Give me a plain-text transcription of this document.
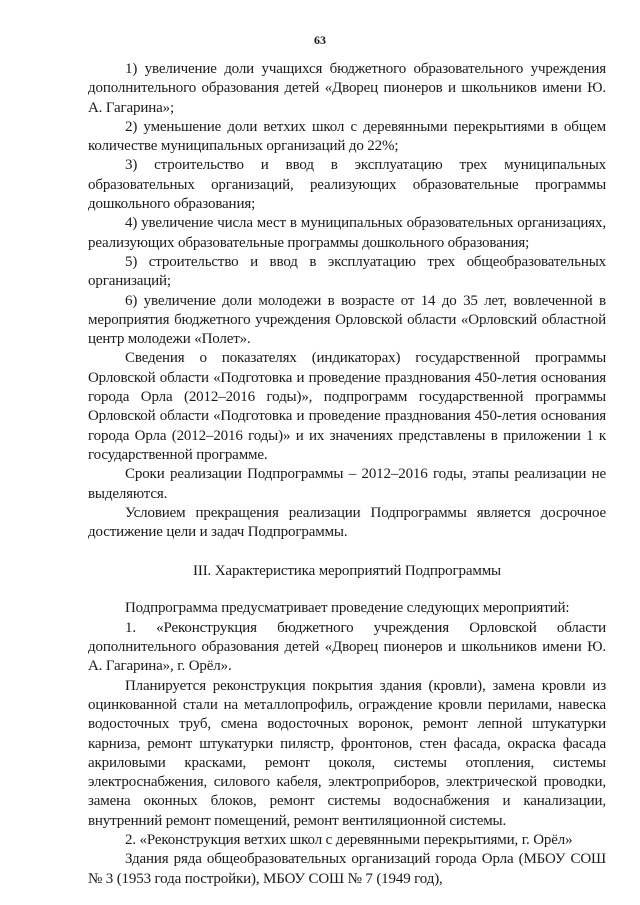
63

1) увеличение доли учащихся бюджетного образовательного учреждения дополнительного образования детей «Дворец пионеров и школьников имени Ю. А. Гагарина»;

2) уменьшение доли ветхих школ с деревянными перекрытиями в общем количестве муниципальных организаций до 22%;

3) строительство и ввод в эксплуатацию трех муниципальных образовательных организаций, реализующих образовательные программы дошкольного образования;

4) увеличение числа мест в муниципальных образовательных организациях, реализующих образовательные программы дошкольного образования;

5) строительство и ввод в эксплуатацию трех общеобразовательных организаций;

6) увеличение доли молодежи в возрасте от 14 до 35 лет, вовлеченной в мероприятия бюджетного учреждения Орловской области «Орловский областной центр молодежи «Полет».

Сведения о показателях (индикаторах) государственной программы Орловской области «Подготовка и проведение празднования 450-летия основания города Орла (2012–2016 годы)», подпрограмм государственной программы Орловской области «Подготовка и проведение празднования 450-летия основания города Орла (2012–2016 годы)» и их значениях представлены в приложении 1 к государственной программе.

Сроки реализации Подпрограммы – 2012–2016 годы, этапы реализации не выделяются.

Условием прекращения реализации Подпрограммы является досрочное достижение цели и задач Подпрограммы.

III. Характеристика мероприятий Подпрограммы

Подпрограмма предусматривает проведение следующих мероприятий:

1. «Реконструкция бюджетного учреждения Орловской области дополнительного образования детей «Дворец пионеров и школьников имени Ю. А. Гагарина», г. Орёл».

Планируется реконструкция покрытия здания (кровли), замена кровли из оцинкованной стали на металлопрофиль, ограждение кровли перилами, навеска водосточных труб, смена водосточных воронок, ремонт лепной штукатурки карниза, ремонт штукатурки пилястр, фронтонов, стен фасада, окраска фасада акриловыми красками, ремонт цоколя, системы отопления, системы электроснабжения, силового кабеля, электроприборов, электрической проводки, замена оконных блоков, ремонт системы водоснабжения и канализации, внутренний ремонт помещений, ремонт вентиляционной системы.

2. «Реконструкция ветхих школ с деревянными перекрытиями, г. Орёл»

Здания ряда общеобразовательных организаций города Орла (МБОУ СОШ № 3 (1953 года постройки), МБОУ СОШ № 7 (1949 год),
